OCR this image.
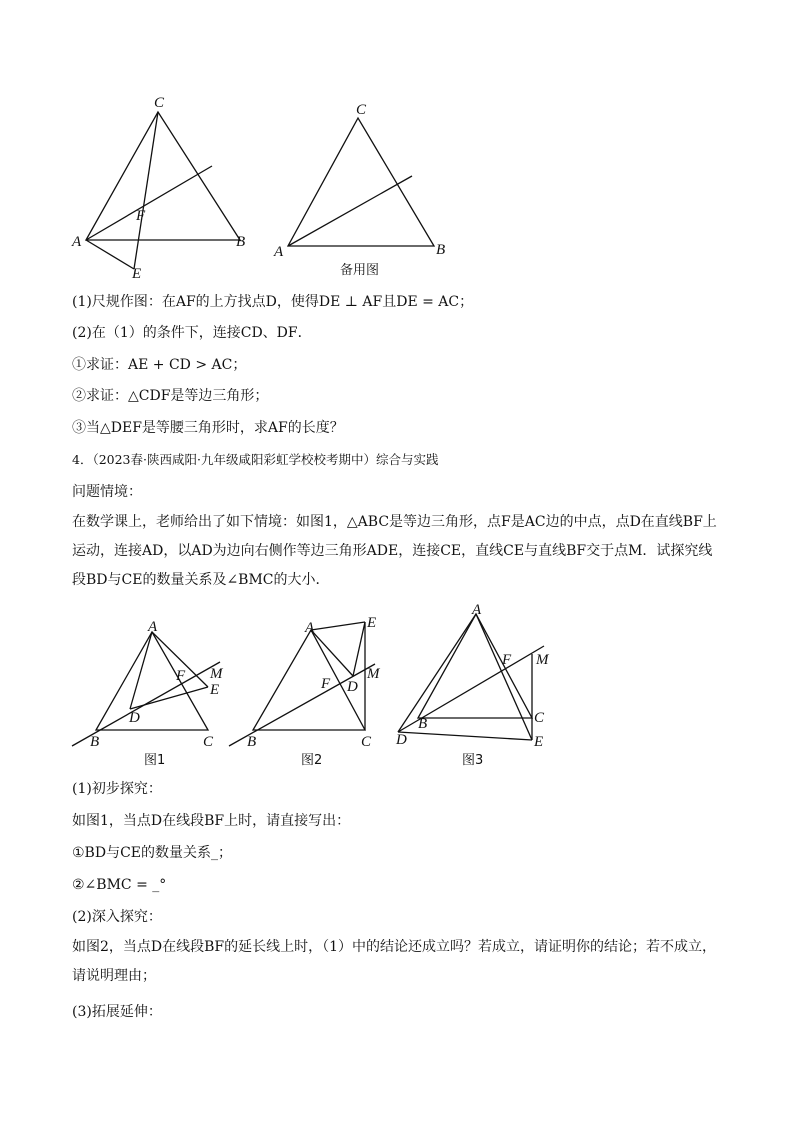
C
A	B
F
E
C
A	B
备用图
(1)尺规作图：在AF的上方找点D，使得DE ⊥ AF且DE = AC；
(2)在（1）的条件下，连接CD、DF．
①求证：AE + CD > AC；
②求证：△CDF是等边三角形；
③当△DEF是等腰三角形时，求AF的长度？
4．（2023春·陕西咸阳·九年级咸阳彩虹学校校考期中）综合与实践
问题情境：
在数学课上，老师给出了如下情境：如图1，△ABC是等边三角形，点F是AC边的中点，点D在直线BF上运动，连接AD，以AD为边向右侧作等边三角形ADE，连接CE，直线CE与直线BF交于点M．试探究线段BD与CE的数量关系及∠BMC的大小．
A
B	C
D
E
F M
图1
A
B	C
D
E
F
M
图2
A
B	C
D	E
F M
图3
(1)初步探究：
如图1，当点D在线段BF上时，请直接写出：
①BD与CE的数量关系_；
②∠BMC = _°
(2)深入探究：
如图2，当点D在线段BF的延长线上时，（1）中的结论还成立吗？若成立，请证明你的结论；若不成立，请说明理由；
(3)拓展延伸：
